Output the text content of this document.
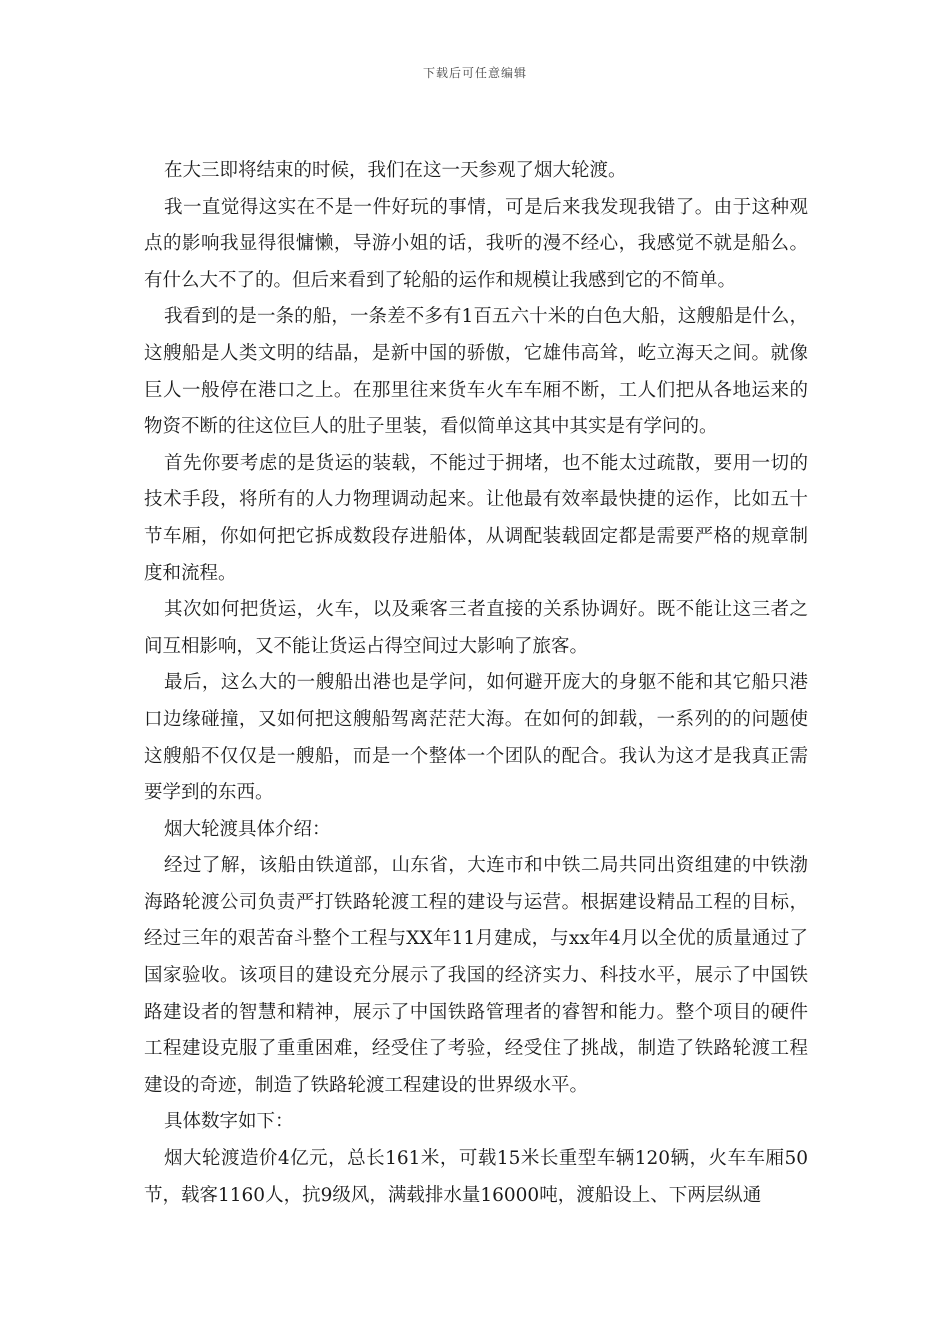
下载后可任意编辑

在大三即将结束的时候，我们在这一天参观了烟大轮渡。

我一直觉得这实在不是一件好玩的事情，可是后来我发现我错了。由于这种观点的影响我显得很慵懒，导游小姐的话，我听的漫不经心，我感觉不就是船么。有什么大不了的。但后来看到了轮船的运作和规模让我感到它的不简单。

我看到的是一条的船，一条差不多有1百五六十米的白色大船，这艘船是什么，这艘船是人类文明的结晶，是新中国的骄傲，它雄伟高耸，屹立海天之间。就像巨人一般停在港口之上。在那里往来货车火车车厢不断，工人们把从各地运来的物资不断的往这位巨人的肚子里装，看似简单这其中其实是有学问的。

首先你要考虑的是货运的装载，不能过于拥堵，也不能太过疏散，要用一切的技术手段，将所有的人力物理调动起来。让他最有效率最快捷的运作，比如五十节车厢，你如何把它拆成数段存进船体，从调配装载固定都是需要严格的规章制度和流程。

其次如何把货运，火车，以及乘客三者直接的关系协调好。既不能让这三者之间互相影响，又不能让货运占得空间过大影响了旅客。

最后，这么大的一艘船出港也是学问，如何避开庞大的身躯不能和其它船只港口边缘碰撞，又如何把这艘船驾离茫茫大海。在如何的卸载，一系列的的问题使这艘船不仅仅是一艘船，而是一个整体一个团队的配合。我认为这才是我真正需要学到的东西。

烟大轮渡具体介绍：

经过了解，该船由铁道部，山东省，大连市和中铁二局共同出资组建的中铁渤海路轮渡公司负责严打铁路轮渡工程的建设与运营。根据建设精品工程的目标，经过三年的艰苦奋斗整个工程与XX年11月建成，与xx年4月以全优的质量通过了国家验收。该项目的建设充分展示了我国的经济实力、科技水平，展示了中国铁路建设者的智慧和精神，展示了中国铁路管理者的睿智和能力。整个项目的硬件工程建设克服了重重困难，经受住了考验，经受住了挑战，制造了铁路轮渡工程建设的奇迹，制造了铁路轮渡工程建设的世界级水平。

具体数字如下：

烟大轮渡造价4亿元，总长161米，可载15米长重型车辆120辆，火车车厢50节，载客1160人，抗9级风，满载排水量16000吨，渡船设上、下两层纵通
